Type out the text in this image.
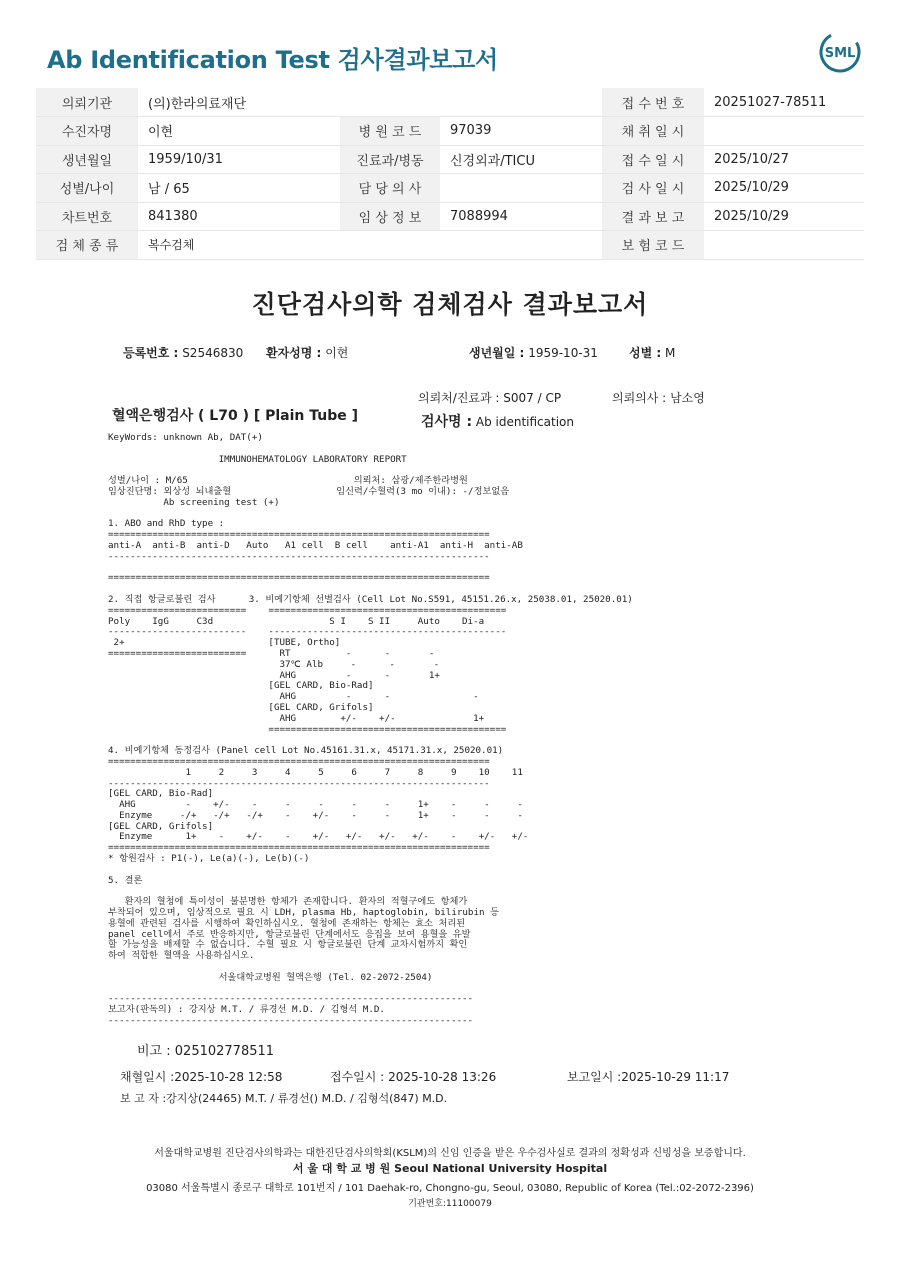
Ab Identification Test 검사결과보고서	SML
의뢰기관	(의)한라의료재단			접 수 번 호	20251027-78511
수진자명	이현	병 원 코 드	97039	채 취 일 시	
생년월일	1959/10/31	진료과/병동	신경외과/TICU	접 수 일 시	2025/10/27
성별/나이	남 / 65	담 당 의 사		검 사 일 시	2025/10/29
차트번호	841380	임 상 정 보	7088994	결 과 보 고	2025/10/29
검 체 종 류	복수검체			보 험 코 드	
진단검사의학 검체검사 결과보고서
등록번호 : S2546830 환자성명 : 이현	생년월일 : 1959-10-31	성별 : M
의뢰처/진료과 : S007 / CP	의뢰의사 : 남소영
혈액은행검사 ( L70 ) [ Plain Tube ]	검사명 : Ab identification
KeyWords: unknown Ab, DAT(+)

IMMUNOHEMATOLOGY LABORATORY REPORT

성별/나이 : M/65                              의뢰처: 삼광/제주한라병원
임상진단명: 외상성 뇌내출혈                   임신력/수혈력(3 mo 이내): -/정보없음
Ab screening test (+)

1. ABO and RhD type :
=====================================================================
anti-A  anti-B  anti-D   Auto   A1 cell  B cell    anti-A1  anti-H  anti-AB
---------------------------------------------------------------------

=====================================================================

2. 직접 항글로불린 검사      3. 비예기항체 선별검사 (Cell Lot No.S591, 45151.26.x, 25038.01, 25020.01)
=========================    ===========================================
Poly    IgG     C3d                     S I    S II     Auto    Di-a
-------------------------    -------------------------------------------
2+                          [TUBE, Ortho]
=========================      RT          -      -       -
37℃ Alb     -      -       -
AHG         -      -       1+
[GEL CARD, Bio-Rad]
AHG         -      -               -
[GEL CARD, Grifols]
AHG        +/-    +/-              1+
===========================================

4. 비예기항체 동정검사 (Panel cell Lot No.45161.31.x, 45171.31.x, 25020.01)
=====================================================================
1     2     3     4     5     6     7     8     9    10    11
---------------------------------------------------------------------
[GEL CARD, Bio-Rad]
AHG         -    +/-    -     -     -     -     -     1+    -     -     -
Enzyme     -/+   -/+   -/+    -    +/-    -     -     1+    -     -     -
[GEL CARD, Grifols]
Enzyme      1+    -    +/-    -    +/-   +/-   +/-   +/-    -    +/-   +/-
=====================================================================
* 항원검사 : P1(-), Le(a)(-), Le(b)(-)

5. 결론

환자의 혈청에 특이성이 불분명한 항체가 존재합니다. 환자의 적혈구에도 항체가
부착되어 있으며, 임상적으로 필요 시 LDH, plasma Hb, haptoglobin, bilirubin 등
용혈에 관련된 검사를 시행하여 확인하십시오. 혈청에 존재하는 항체는 효소 처리된
panel cell에서 주로 반응하지만, 항글로불린 단계에서도 응집을 보여 용혈을 유발
할 가능성을 배제할 수 없습니다. 수혈 필요 시 항글로불린 단계 교차시험까지 확인
하여 적합한 혈액을 사용하십시오.

서울대학교병원 혈액은행 (Tel. 02-2072-2504)

------------------------------------------------------------------
보고자(판독의) : 강지상 M.T. / 류경선 M.D. / 김형석 M.D.
------------------------------------------------------------------
비고 : 025102778511
채혈일시 :2025-10-28 12:58	접수일시 : 2025-10-28 13:26	보고일시 :2025-10-29 11:17
보 고 자 :강지상(24465) M.T. / 류경선() M.D. / 김형석(847) M.D.
서울대학교병원 진단검사의학과는 대한진단검사의학회(KSLM)의 신임 인증을 받은 우수검사실로 결과의 정확성과 신빙성을 보증합니다.
서 울 대 학 교 병 원 Seoul National University Hospital
03080 서울특별시 종로구 대학로 101번지 / 101 Daehak-ro, Chongno-gu, Seoul, 03080, Republic of Korea (Tel.:02-2072-2396)
기관번호:11100079
